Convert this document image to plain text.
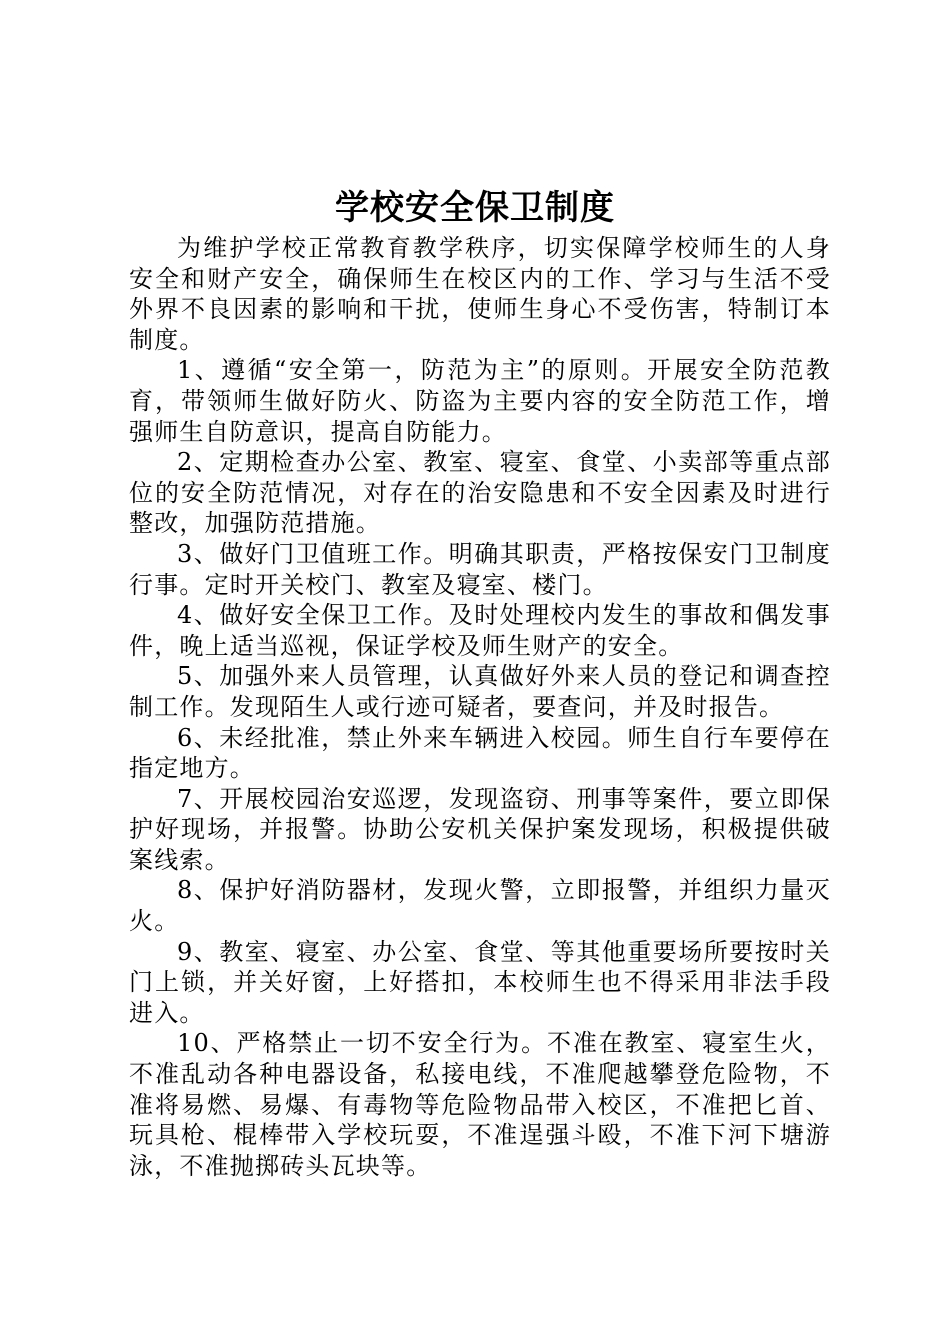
学校安全保卫制度

为维护学校正常教育教学秩序，切实保障学校师生的人身安全和财产安全，确保师生在校区内的工作、学习与生活不受外界不良因素的影响和干扰，使师生身心不受伤害，特制订本制度。

1、遵循“安全第一，防范为主”的原则。开展安全防范教育，带领师生做好防火、防盗为主要内容的安全防范工作，增强师生自防意识，提高自防能力。

2、定期检查办公室、教室、寝室、食堂、小卖部等重点部位的安全防范情况，对存在的治安隐患和不安全因素及时进行整改，加强防范措施。

3、做好门卫值班工作。明确其职责，严格按保安门卫制度行事。定时开关校门、教室及寝室、楼门。

4、做好安全保卫工作。及时处理校内发生的事故和偶发事件，晚上适当巡视，保证学校及师生财产的安全。

5、加强外来人员管理，认真做好外来人员的登记和调查控制工作。发现陌生人或行迹可疑者，要查问，并及时报告。

6、未经批准，禁止外来车辆进入校园。师生自行车要停在指定地方。

7、开展校园治安巡逻，发现盗窃、刑事等案件，要立即保护好现场，并报警。协助公安机关保护案发现场，积极提供破案线索。

8、保护好消防器材，发现火警，立即报警，并组织力量灭火。

9、教室、寝室、办公室、食堂、等其他重要场所要按时关门上锁，并关好窗，上好搭扣，本校师生也不得采用非法手段进入。

10、严格禁止一切不安全行为。不准在教室、寝室生火，不准乱动各种电器设备，私接电线，不准爬越攀登危险物，不准将易燃、易爆、有毒物等危险物品带入校区，不准把匕首、玩具枪、棍棒带入学校玩耍，不准逞强斗殴，不准下河下塘游泳，不准抛掷砖头瓦块等。
